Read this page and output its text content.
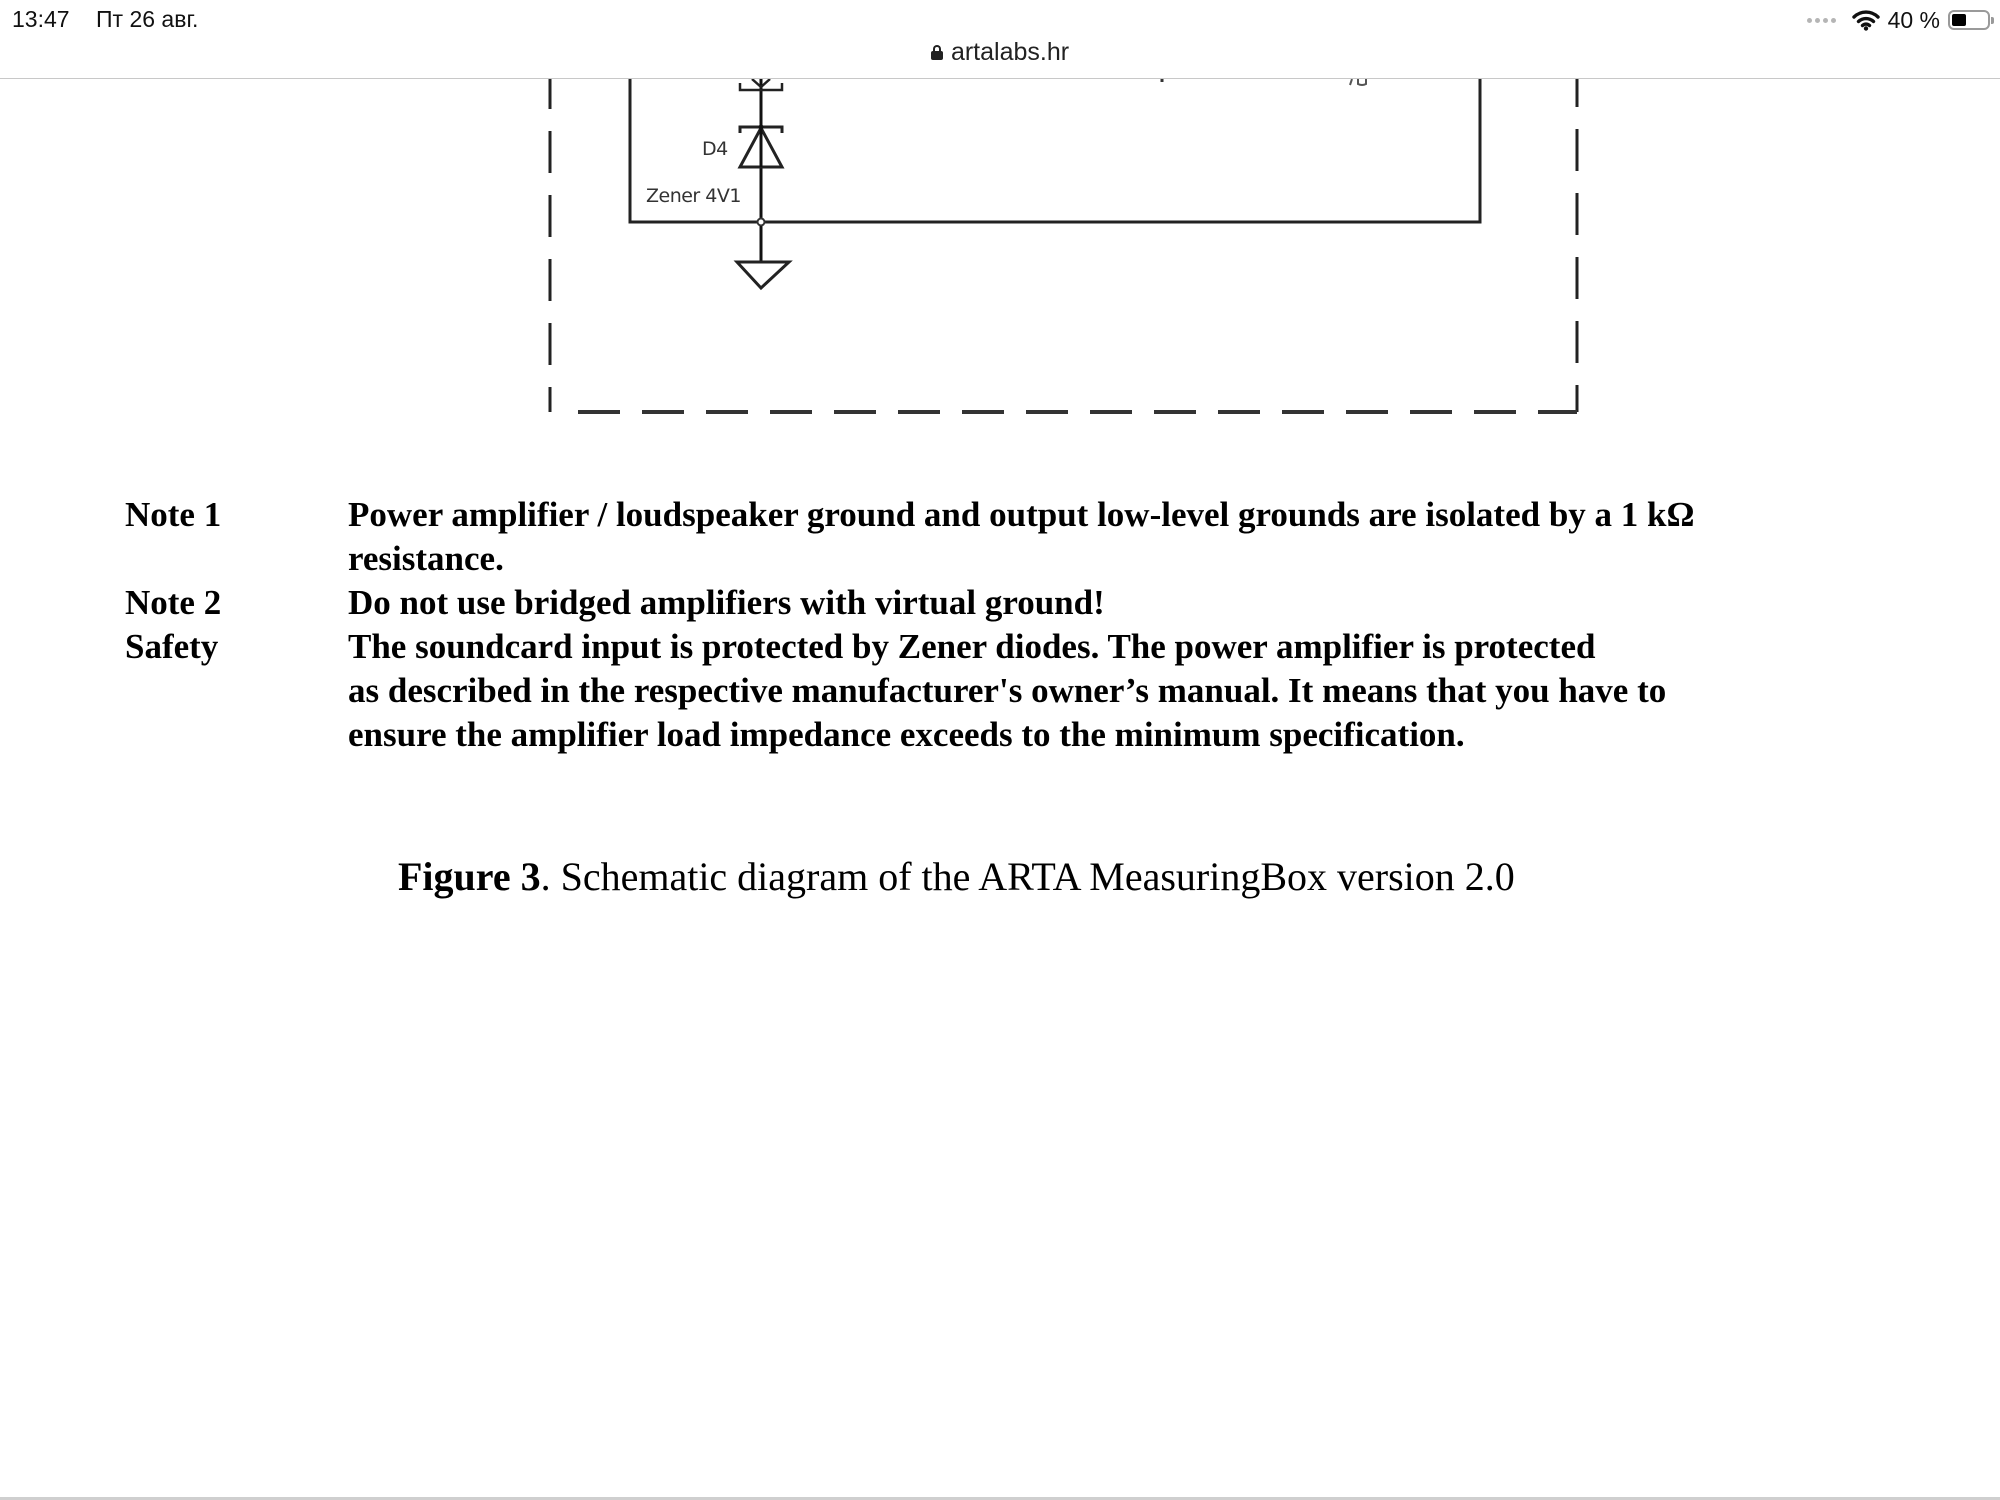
13:47 Пт 26 авг.	40 %
artalabs.hr
D4
Zener 4V1
Note 1	Power amplifier / loudspeaker ground and output low-level grounds are isolated by a 1 kΩ
resistance.
Note 2	Do not use bridged amplifiers with virtual ground!
Safety	The soundcard input is protected by Zener diodes. The power amplifier is protected
as described in the respective manufacturer's owner’s manual. It means that you have to
ensure the amplifier load impedance exceeds to the minimum specification.
Figure 3. Schematic diagram of the ARTA MeasuringBox version 2.0
